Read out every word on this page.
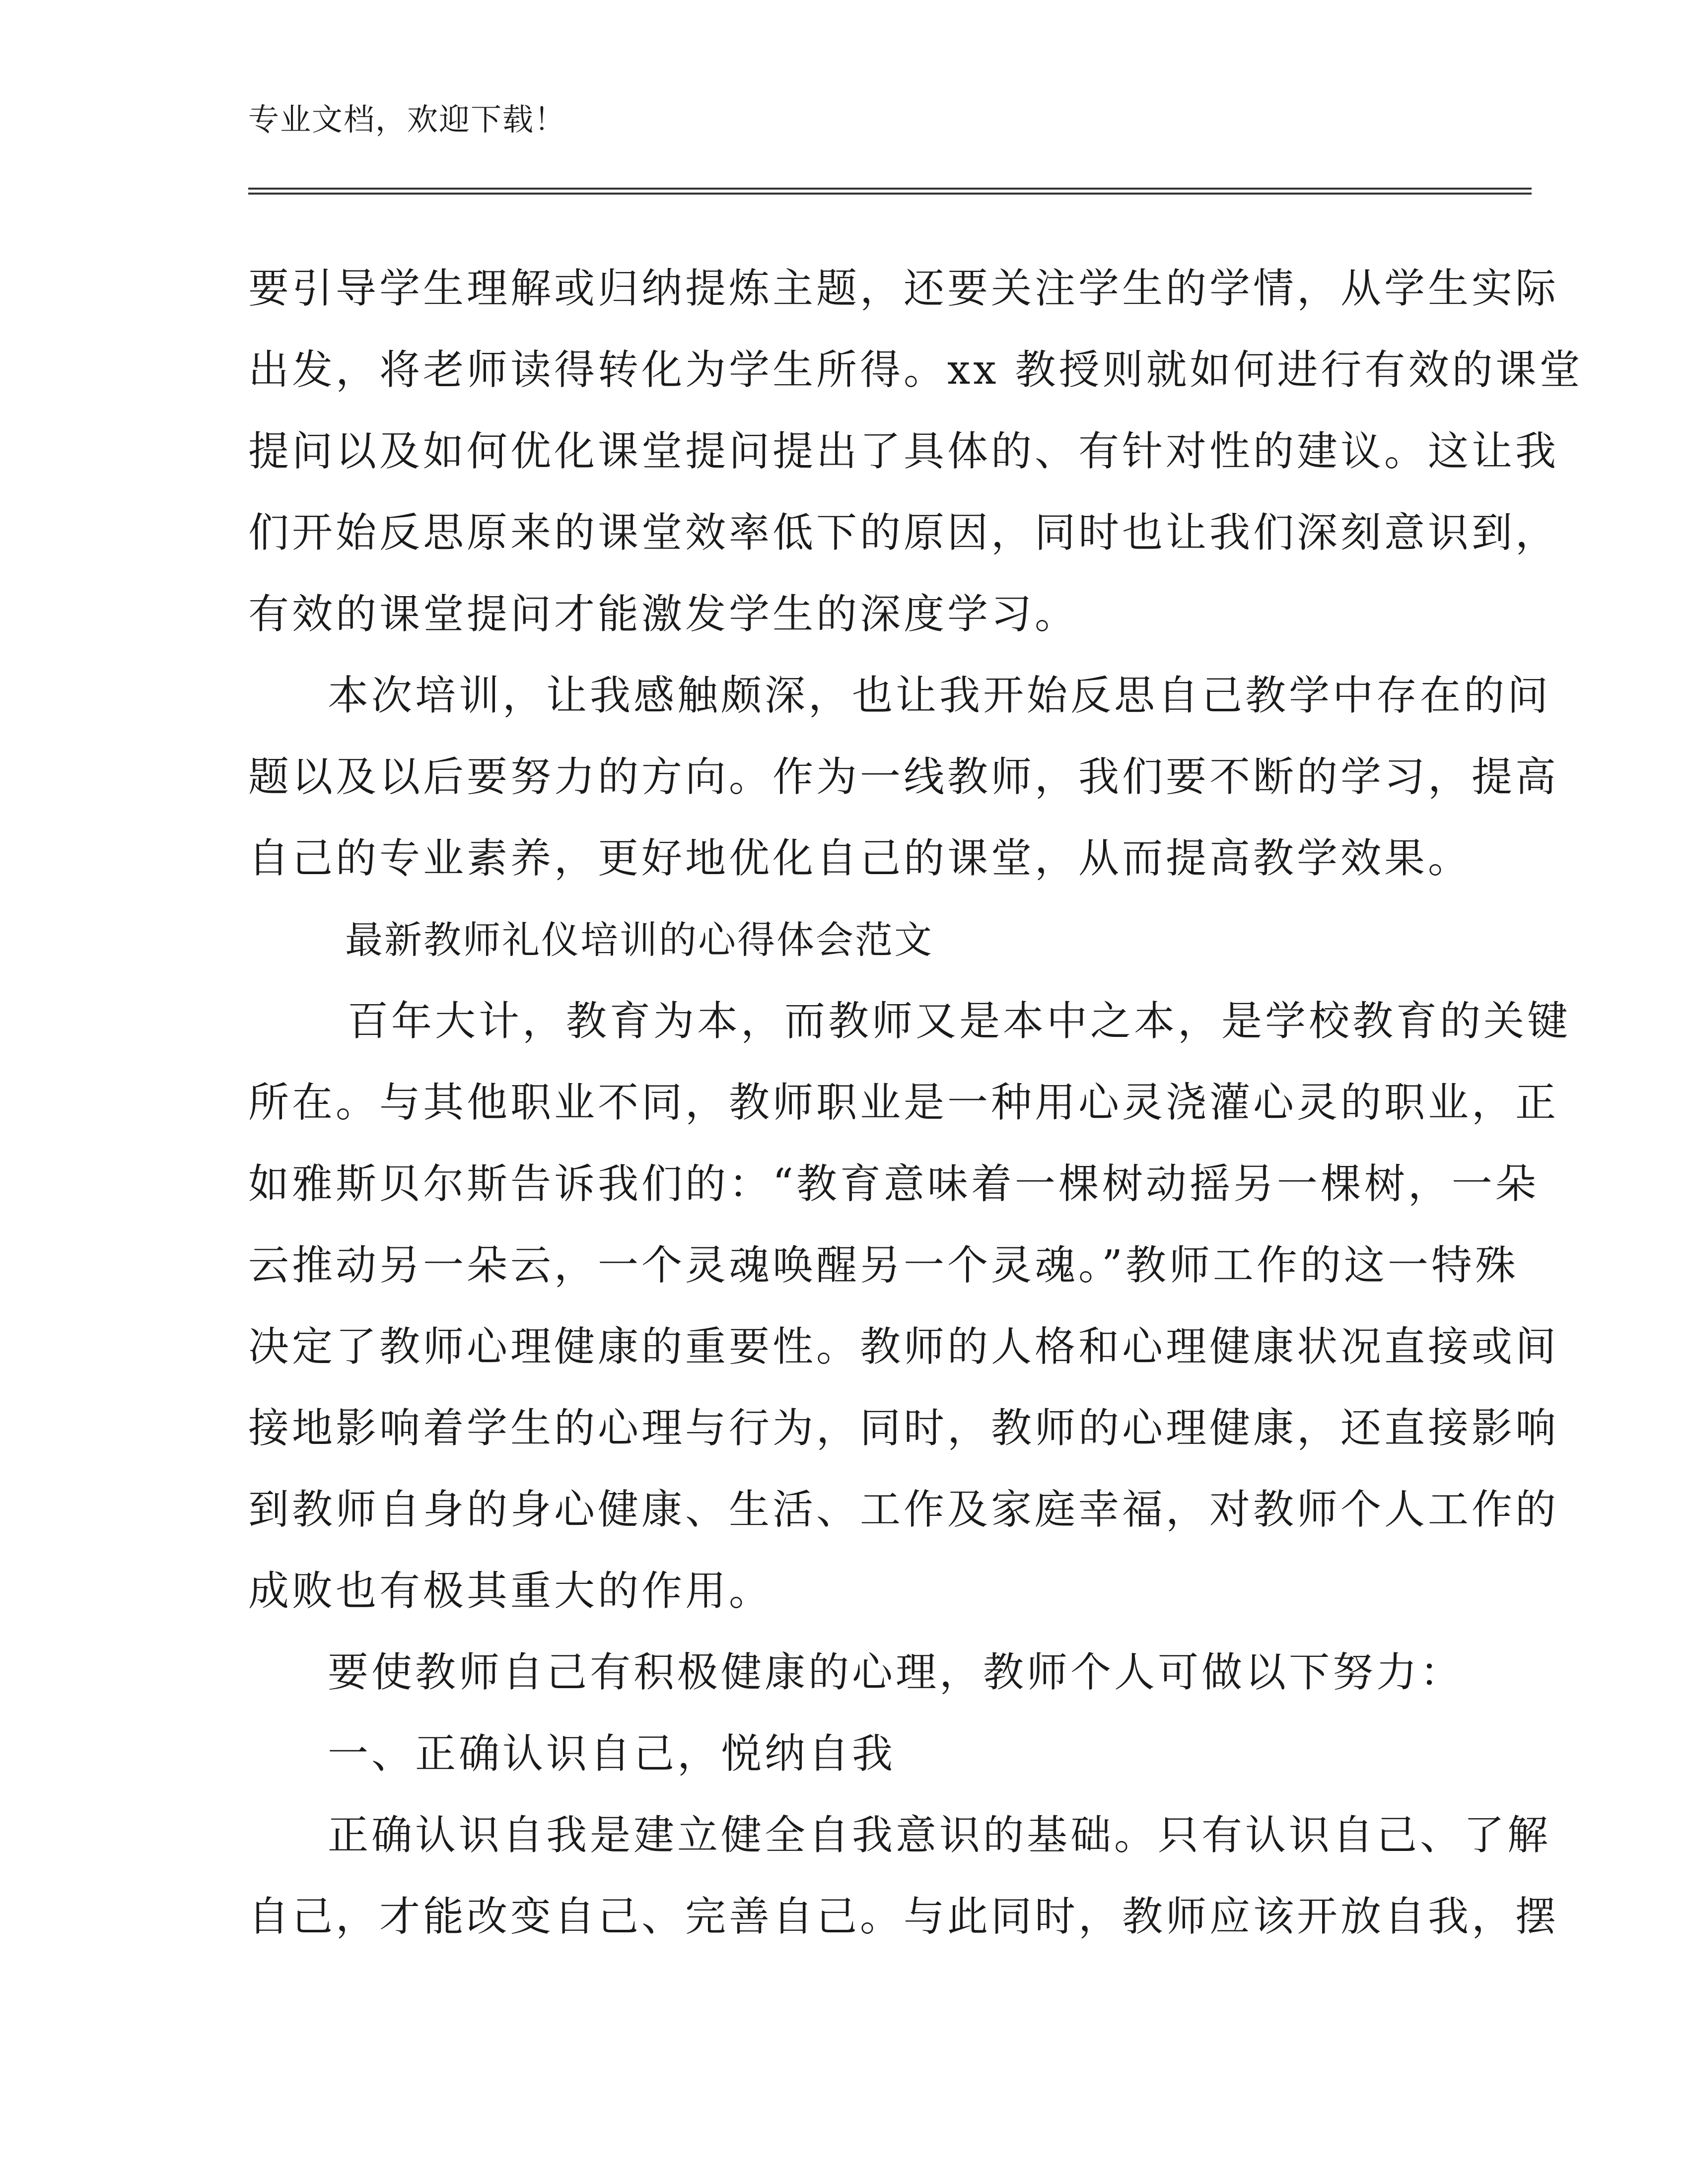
专业文档，欢迎下载！
要引导学生理解或归纳提炼主题，还要关注学生的学情，从学生实际
出发，将老师读得转化为学生所得。xx 教授则就如何进行有效的课堂
提问以及如何优化课堂提问提出了具体的、有针对性的建议。这让我
们开始反思原来的课堂效率低下的原因，同时也让我们深刻意识到，
有效的课堂提问才能激发学生的深度学习。
本次培训，让我感触颇深，也让我开始反思自己教学中存在的问
题以及以后要努力的方向。作为一线教师，我们要不断的学习，提高
自己的专业素养，更好地优化自己的课堂，从而提高教学效果。
最新教师礼仪培训的心得体会范文
百年大计，教育为本，而教师又是本中之本，是学校教育的关键
所在。与其他职业不同，教师职业是一种用心灵浇灌心灵的职业，正
如雅斯贝尔斯告诉我们的：“教育意味着一棵树动摇另一棵树，一朵
云推动另一朵云，一个灵魂唤醒另一个灵魂。”教师工作的这一特殊
决定了教师心理健康的重要性。教师的人格和心理健康状况直接或间
接地影响着学生的心理与行为，同时，教师的心理健康，还直接影响
到教师自身的身心健康、生活、工作及家庭幸福，对教师个人工作的
成败也有极其重大的作用。
要使教师自己有积极健康的心理，教师个人可做以下努力：
一、正确认识自己，悦纳自我
正确认识自我是建立健全自我意识的基础。只有认识自己、了解
自己，才能改变自己、完善自己。与此同时，教师应该开放自我，摆
